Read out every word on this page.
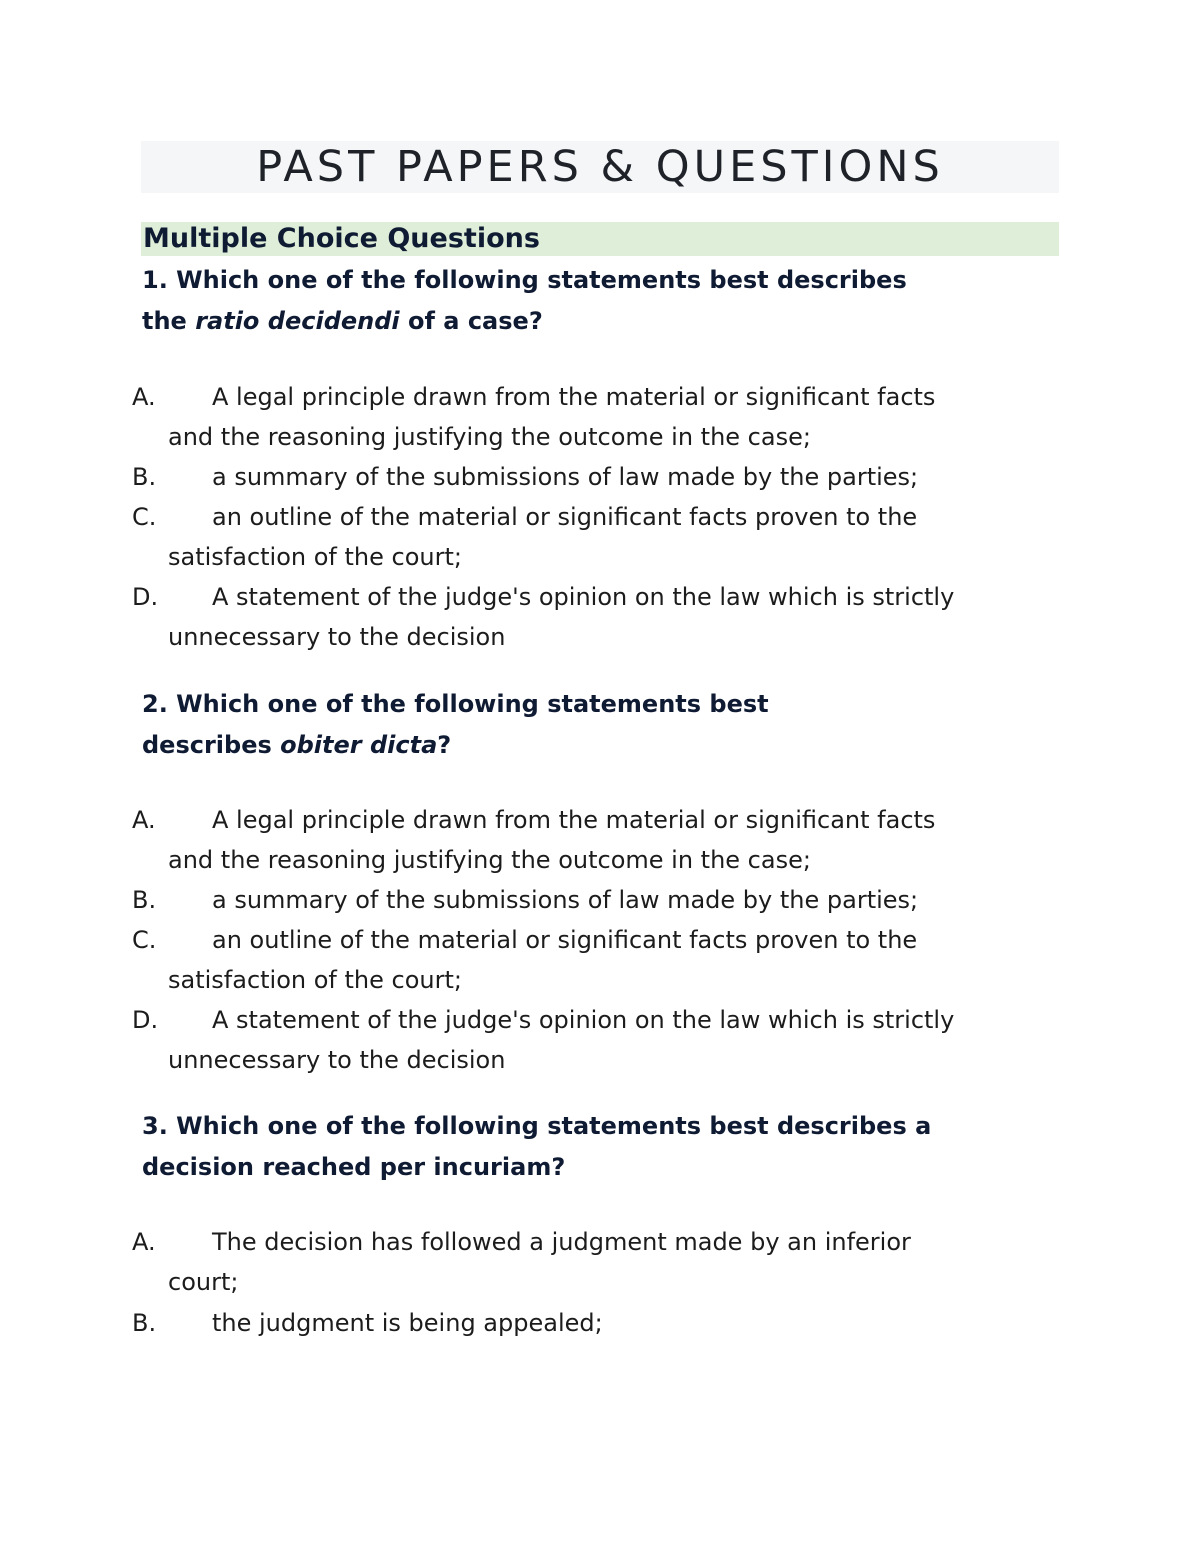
PAST PAPERS & QUESTIONS
Multiple Choice Questions
1. Which one of the following statements best describes
the ratio decidendi of a case?
A.	A legal principle drawn from the material or significant facts
and the reasoning justifying the outcome in the case;
B.	a summary of the submissions of law made by the parties;
C.	an outline of the material or significant facts proven to the
satisfaction of the court;
D.	A statement of the judge's opinion on the law which is strictly
unnecessary to the decision
2. Which one of the following statements best
describes obiter dicta?
A.	A legal principle drawn from the material or significant facts
and the reasoning justifying the outcome in the case;
B.	a summary of the submissions of law made by the parties;
C.	an outline of the material or significant facts proven to the
satisfaction of the court;
D.	A statement of the judge's opinion on the law which is strictly
unnecessary to the decision
3. Which one of the following statements best describes a
decision reached per incuriam?
A.	The decision has followed a judgment made by an inferior
court;
B.	the judgment is being appealed;
